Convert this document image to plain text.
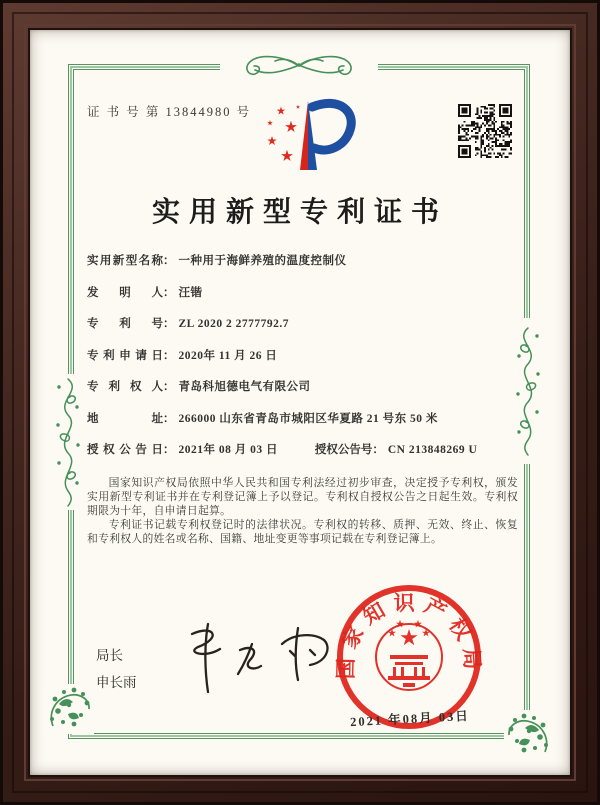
证 书 号 第 13844980 号
实用新型专利证书
实用新型名称： 一种用于海鲜养殖的温度控制仪
发明人： 汪锴
专利号： ZL 2020 2 2777792.7
专利申请日： 2020年 11 月 26 日
专利权人： 青岛科旭德电气有限公司
地址： 266000 山东省青岛市城阳区华夏路 21 号东 50 米
授权公告日： 2021年 08 月 03 日	授权公告号： CN 213848269 U

国家知识产权局依照中华人民共和国专利法经过初步审查，决定授予专利权，颁发实用新型专利证书并在专利登记簿上予以登记。专利权自授权公告之日起生效。专利权期限为十年，自申请日起算。

专利证书记载专利权登记时的法律状况。专利权的转移、质押、无效、终止、恢复和专利权人的姓名或名称、国籍、地址变更等事项记载在专利登记簿上。

局长
申长雨
国家知识产权局
2021 年08月 03日
